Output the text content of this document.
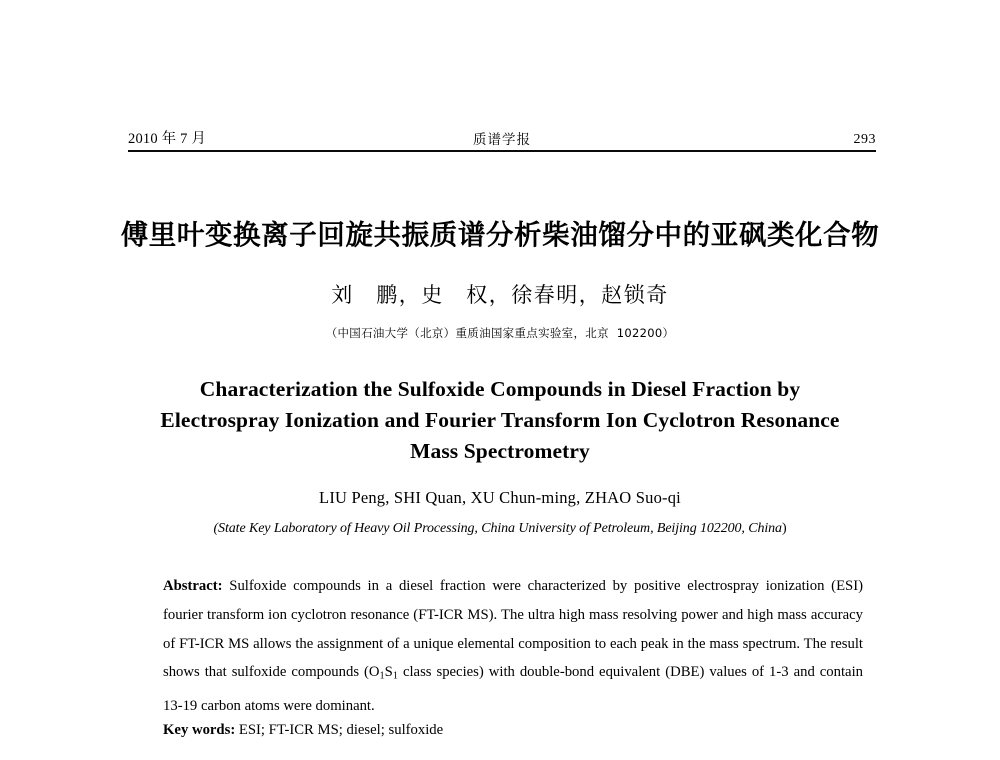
2010 年 7 月	质谱学报	293
傅里叶变换离子回旋共振质谱分析柴油馏分中的亚砜类化合物
刘　鹏，史　权，徐春明，赵锁奇
（中国石油大学（北京）重质油国家重点实验室，北京  102200）
Characterization the Sulfoxide Compounds in Diesel Fraction by
Electrospray Ionization and Fourier Transform Ion Cyclotron Resonance
Mass Spectrometry
LIU Peng, SHI Quan, XU Chun-ming, ZHAO Suo-qi
(State Key Laboratory of Heavy Oil Processing, China University of Petroleum, Beijing 102200, China)

Abstract: Sulfoxide compounds in a diesel fraction were characterized by positive electrospray ionization (ESI) fourier transform ion cyclotron resonance (FT-ICR MS). The ultra high mass resolving power and high mass accuracy of FT-ICR MS allows the assignment of a unique elemental composition to each peak in the mass spectrum. The result shows that sulfoxide compounds ($O_1S_1$ class species) with double-bond equivalent (DBE) values of 1-3 and contain 13-19 carbon atoms were dominant.

Key words: ESI; FT-ICR MS; diesel; sulfoxide
